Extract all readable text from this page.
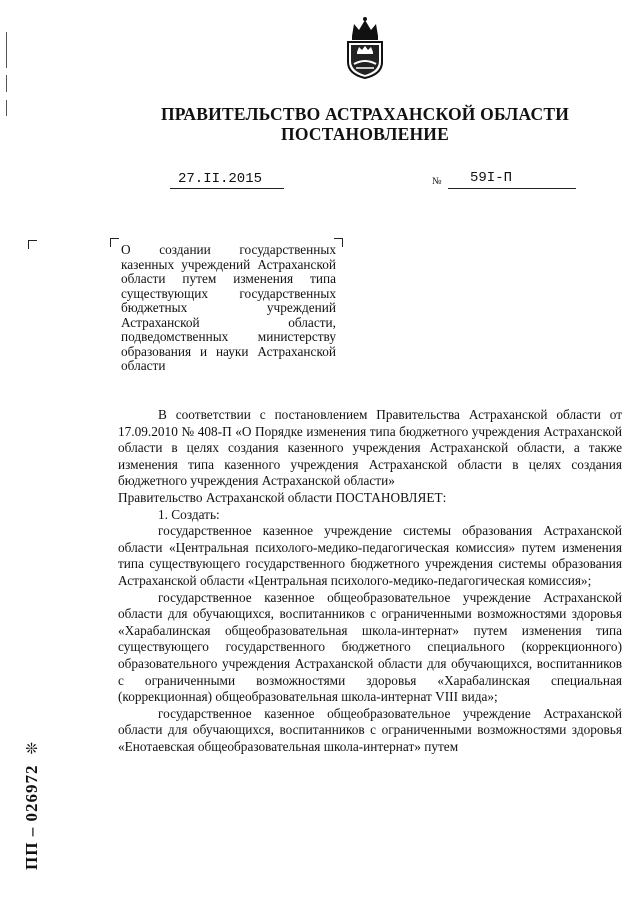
ПРАВИТЕЛЬСТВО АСТРАХАНСКОЙ ОБЛАСТИ
ПОСТАНОВЛЕНИЕ
27.II.2015	№ 59I-П
О создании государственных казенных учреждений Астраханской области путем изменения типа существующих государственных бюджетных учреждений Астраханской области, подведомственных министерству образования и науки Астраханской области

В соответствии с постановлением Правительства Астраханской области от 17.09.2010 № 408-П «О Порядке изменения типа бюджетного учреждения Астраханской области в целях создания казенного учреждения Астраханской области, а также изменения типа казенного учреждения Астраханской области в целях создания бюджетного учреждения Астраханской области»

Правительство Астраханской области ПОСТАНОВЛЯЕТ:

1. Создать:

государственное казенное учреждение системы образования Астраханской области «Центральная психолого-медико-педагогическая комиссия» путем изменения типа существующего государственного бюджетного учреждения системы образования Астраханской области «Центральная психолого-медико-педагогическая комиссия»;

государственное казенное общеобразовательное учреждение Астраханской области для обучающихся, воспитанников с ограниченными возможностями здоровья «Харабалинская общеобразовательная школа-интернат» путем изменения типа существующего государственного бюджетного специального (коррекционного) образовательного учреждения Астраханской области для обучающихся, воспитанников с ограниченными возможностями здоровья «Харабалинская специальная (коррекционная) общеобразовательная школа-интернат VIII вида»;

государственное казенное общеобразовательное учреждение Астраханской области для обучающихся, воспитанников с ограниченными возможностями здоровья «Енотаевская общеобразовательная школа-интернат» путем

ПП – 026972❊
